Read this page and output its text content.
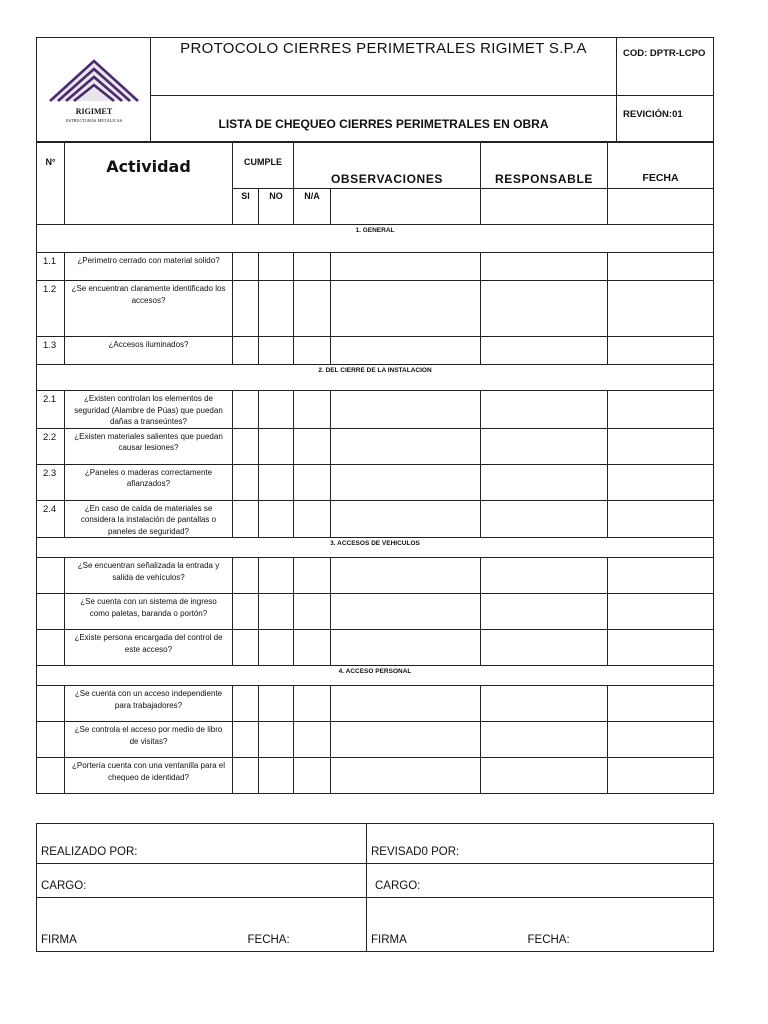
RIGIMET
ESTRUCTURAS METÁLICAS	PROTOCOLO CIERRES PERIMETRALES RIGIMET S.P.A	COD: DPTR-LCPO
	LISTA DE CHEQUEO CIERRES PERIMETRALES EN OBRA	REVICIÓN:01
N°	Actividad	CUMPLE		OBSERVACIONES		RESPONSABLE	FECHA
		SI	NO	N/A			
1. GENERAL							
1.1	¿Perimetro cerrado con material solido?						
1.2	¿Se encuentran claramente identificado los accesos?						
1.3	¿Accesos iluminados?						
2. DEL CIERRE DE LA INSTALACION							
2.1	¿Existen controlan los elementos de seguridad (Alambre de Púas) que puedan dañas a transeúntes?						
2.2	¿Existen materiales salientes que puedan causar lesiones?						
2.3	¿Paneles o maderas correctamente afianzados?						
2.4	¿En caso de caída de materiales se considera la instalación de pantallas o paneles de seguridad?						
3. ACCESOS DE VEHICULOS							
	¿Se encuentran señalizada la entrada y salida de vehículos?						
	¿Se cuenta con un sistema de ingreso como paletas, baranda o portón?						
	¿Existe persona encargada del control de este acceso?						
4. ACCESO PERSONAL							
	¿Se cuenta con un acceso independiente para trabajadores?						
	¿Se controla el acceso por medio de libro de visitas?						
	¿Portería cuenta con una ventanilla para el chequeo de identidad?						
REALIZADO POR:	REVISAD0 POR:
CARGO:	CARGO:
FIRMA FECHA:	FIRMA FECHA:
